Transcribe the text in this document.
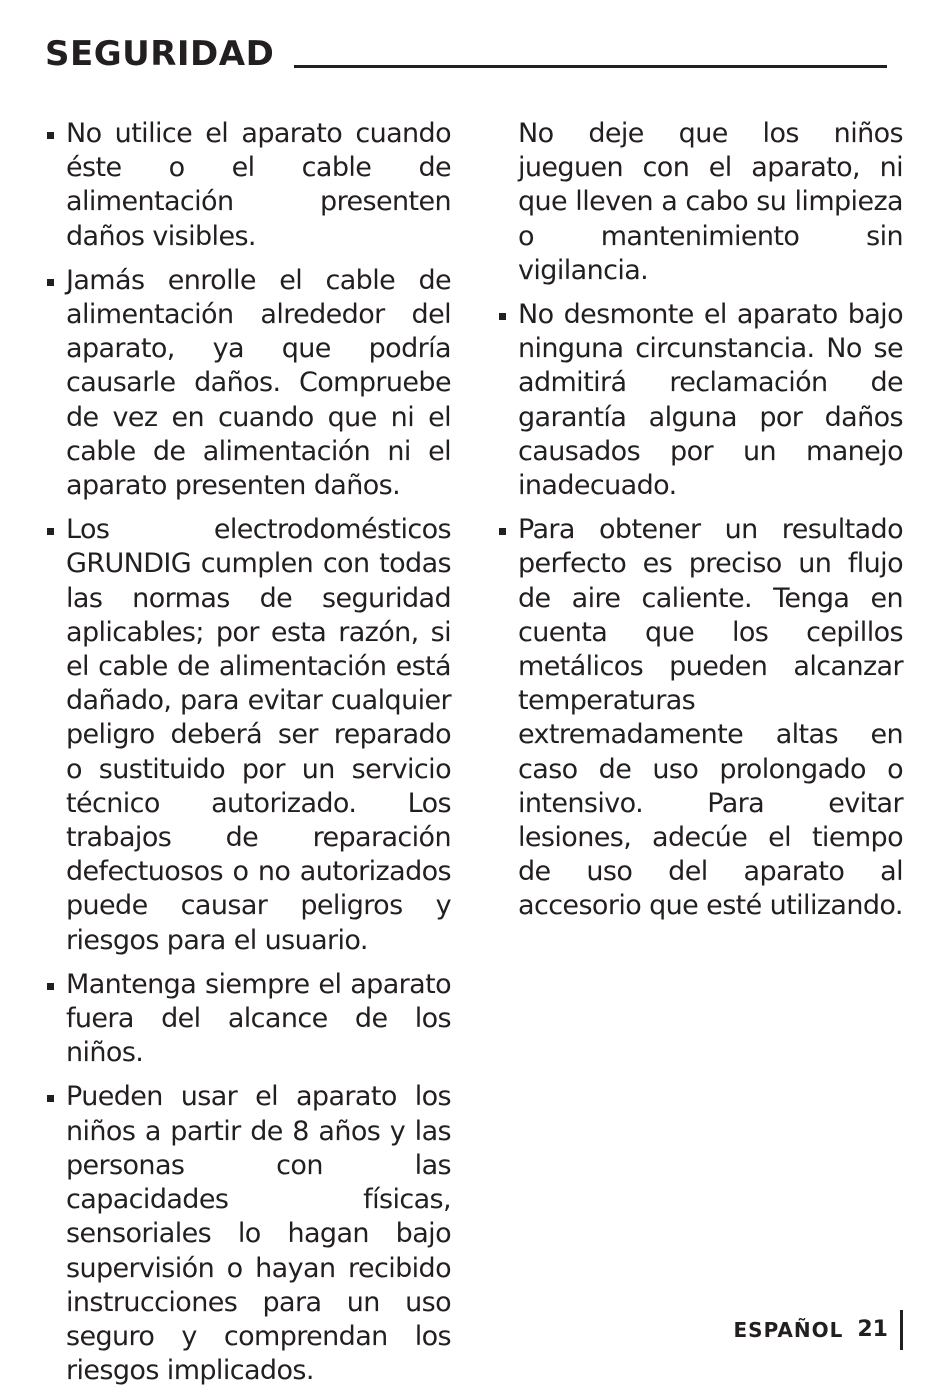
SEGURIDAD
No utilice el aparato cuando éste o el cable de alimentación presenten daños visibles.
Jamás enrolle el cable de alimentación alrededor del aparato, ya que podría causarle daños. Compruebe de vez en cuando que ni el cable de alimentación ni el aparato presenten daños.
Los electrodomésticos GRUNDIG cumplen con todas las normas de seguridad aplicables; por esta razón, si el cable de alimentación está dañado, para evitar cualquier peligro deberá ser reparado o sustituido por un servicio técnico autorizado. Los trabajos de reparación defectuosos o no autorizados puede causar peligros y riesgos para el usuario.
Mantenga siempre el aparato fuera del alcance de los niños.
Pueden usar el aparato los niños a partir de 8 años y las personas con las capacidades físicas, sensoriales lo hagan bajo supervisión o hayan recibido instrucciones para un uso seguro y comprendan los riesgos implicados.
No deje que los niños jueguen con el aparato, ni que lleven a cabo su limpieza o mantenimiento sin vigilancia.
No desmonte el aparato bajo ninguna circunstancia. No se admitirá reclamación de garantía alguna por daños causados por un manejo inadecuado.
Para obtener un resultado perfecto es preciso un flujo de aire caliente. Tenga en cuenta que los cepillos metálicos pueden alcanzar temperaturas extremadamente altas en caso de uso prolongado o intensivo. Para evitar lesiones, adecúe el tiempo de uso del aparato al accesorio que esté utilizando.
ESPAÑOL 21
